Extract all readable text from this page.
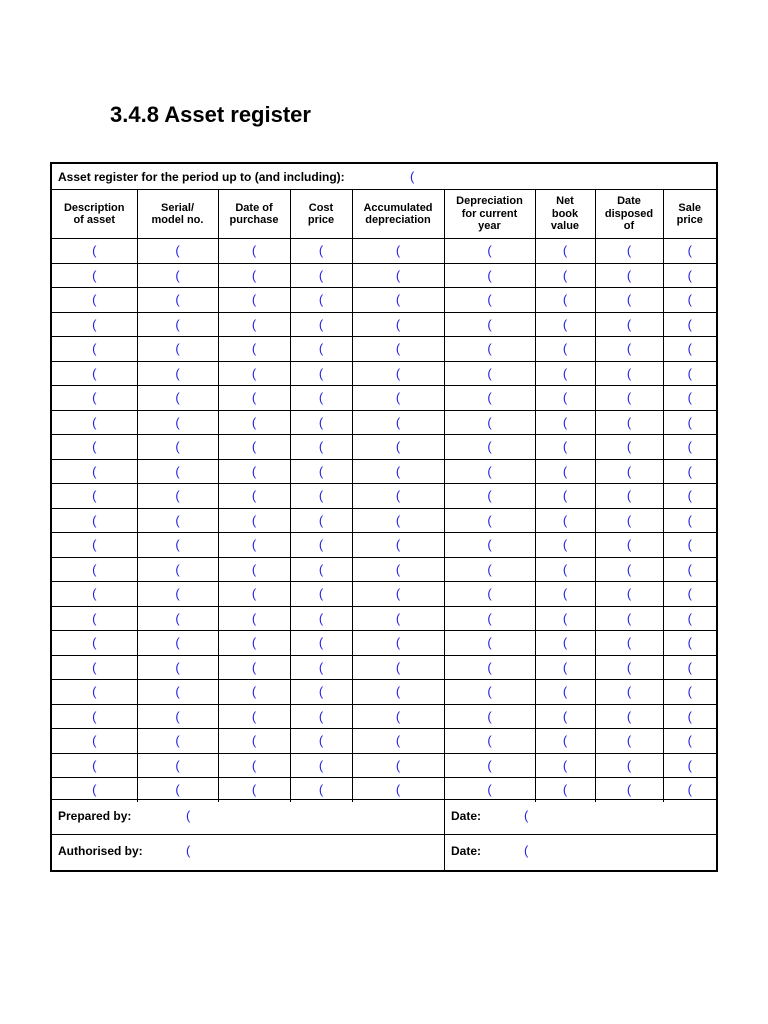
3.4.8 Asset register
Asset register for the period up to (and including):	(
Description
of asset	Serial/
model no.	Date of
purchase	Cost
price	Accumulated
depreciation	Depreciation
for current
year	Net
book
value	Date
disposed
of	Sale
price
(	(	(	(	(	(	(	(	(
(	(	(	(	(	(	(	(	(
(	(	(	(	(	(	(	(	(
(	(	(	(	(	(	(	(	(
(	(	(	(	(	(	(	(	(
(	(	(	(	(	(	(	(	(
(	(	(	(	(	(	(	(	(
(	(	(	(	(	(	(	(	(
(	(	(	(	(	(	(	(	(
(	(	(	(	(	(	(	(	(
(	(	(	(	(	(	(	(	(
(	(	(	(	(	(	(	(	(
(	(	(	(	(	(	(	(	(
(	(	(	(	(	(	(	(	(
(	(	(	(	(	(	(	(	(
(	(	(	(	(	(	(	(	(
(	(	(	(	(	(	(	(	(
(	(	(	(	(	(	(	(	(
(	(	(	(	(	(	(	(	(
(	(	(	(	(	(	(	(	(
(	(	(	(	(	(	(	(	(
(	(	(	(	(	(	(	(	(
(	(	(	(	(	(	(	(	(
Prepared by:	(	Date:	(
Authorised by:	(	Date:	(
